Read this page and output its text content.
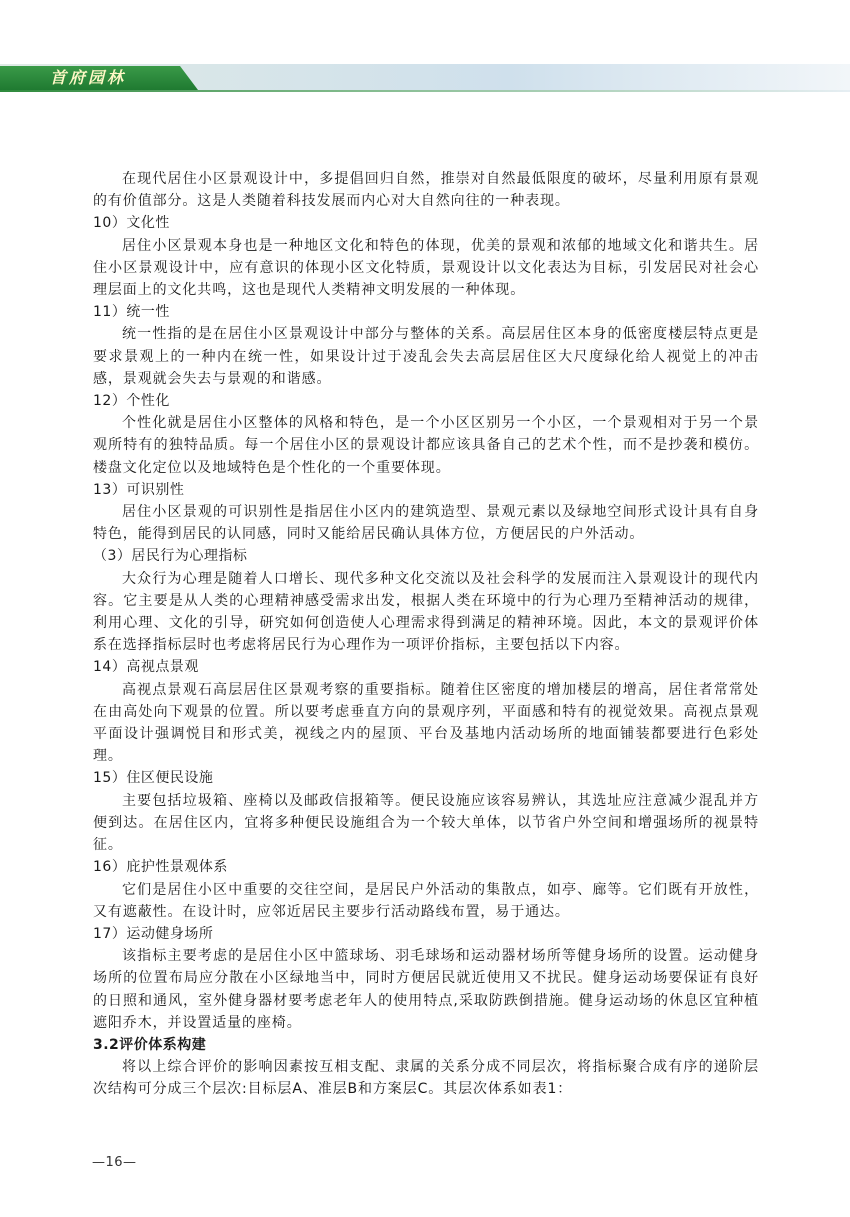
首府园林

在现代居住小区景观设计中，多提倡回归自然，推崇对自然最低限度的破坏，尽量利用原有景观的有价值部分。这是人类随着科技发展而内心对大自然向往的一种表现。

10）文化性

居住小区景观本身也是一种地区文化和特色的体现，优美的景观和浓郁的地域文化和谐共生。居住小区景观设计中，应有意识的体现小区文化特质，景观设计以文化表达为目标，引发居民对社会心理层面上的文化共鸣，这也是现代人类精神文明发展的一种体现。

11）统一性

统一性指的是在居住小区景观设计中部分与整体的关系。高层居住区本身的低密度楼层特点更是要求景观上的一种内在统一性，如果设计过于凌乱会失去高层居住区大尺度绿化给人视觉上的冲击感，景观就会失去与景观的和谐感。

12）个性化

个性化就是居住小区整体的风格和特色，是一个小区区别另一个小区，一个景观相对于另一个景观所特有的独特品质。每一个居住小区的景观设计都应该具备自己的艺术个性，而不是抄袭和模仿。楼盘文化定位以及地域特色是个性化的一个重要体现。

13）可识别性

居住小区景观的可识别性是指居住小区内的建筑造型、景观元素以及绿地空间形式设计具有自身特色，能得到居民的认同感，同时又能给居民确认具体方位，方便居民的户外活动。

（3）居民行为心理指标

大众行为心理是随着人口增长、现代多种文化交流以及社会科学的发展而注入景观设计的现代内容。它主要是从人类的心理精神感受需求出发，根据人类在环境中的行为心理乃至精神活动的规律，利用心理、文化的引导，研究如何创造使人心理需求得到满足的精神环境。因此，本文的景观评价体系在选择指标层时也考虑将居民行为心理作为一项评价指标，主要包括以下内容。

14）高视点景观

高视点景观石高层居住区景观考察的重要指标。随着住区密度的增加楼层的增高，居住者常常处在由高处向下观景的位置。所以要考虑垂直方向的景观序列，平面感和特有的视觉效果。高视点景观平面设计强调悦目和形式美，视线之内的屋顶、平台及基地内活动场所的地面铺装都要进行色彩处理。

15）住区便民设施

主要包括垃圾箱、座椅以及邮政信报箱等。便民设施应该容易辨认，其选址应注意减少混乱并方便到达。在居住区内，宜将多种便民设施组合为一个较大单体，以节省户外空间和增强场所的视景特征。

16）庇护性景观体系

它们是居住小区中重要的交往空间，是居民户外活动的集散点，如亭、廊等。它们既有开放性，又有遮蔽性。在设计时，应邻近居民主要步行活动路线布置，易于通达。

17）运动健身场所

该指标主要考虑的是居住小区中篮球场、羽毛球场和运动器材场所等健身场所的设置。运动健身场所的位置布局应分散在小区绿地当中，同时方便居民就近使用又不扰民。健身运动场要保证有良好的日照和通风，室外健身器材要考虑老年人的使用特点,采取防跌倒措施。健身运动场的休息区宜种植遮阳乔木，并设置适量的座椅。

3.2评价体系构建

将以上综合评价的影响因素按互相支配、隶属的关系分成不同层次，将指标聚合成有序的递阶层次结构可分成三个层次:目标层A、准层B和方案层C。其层次体系如表1：

—16—
